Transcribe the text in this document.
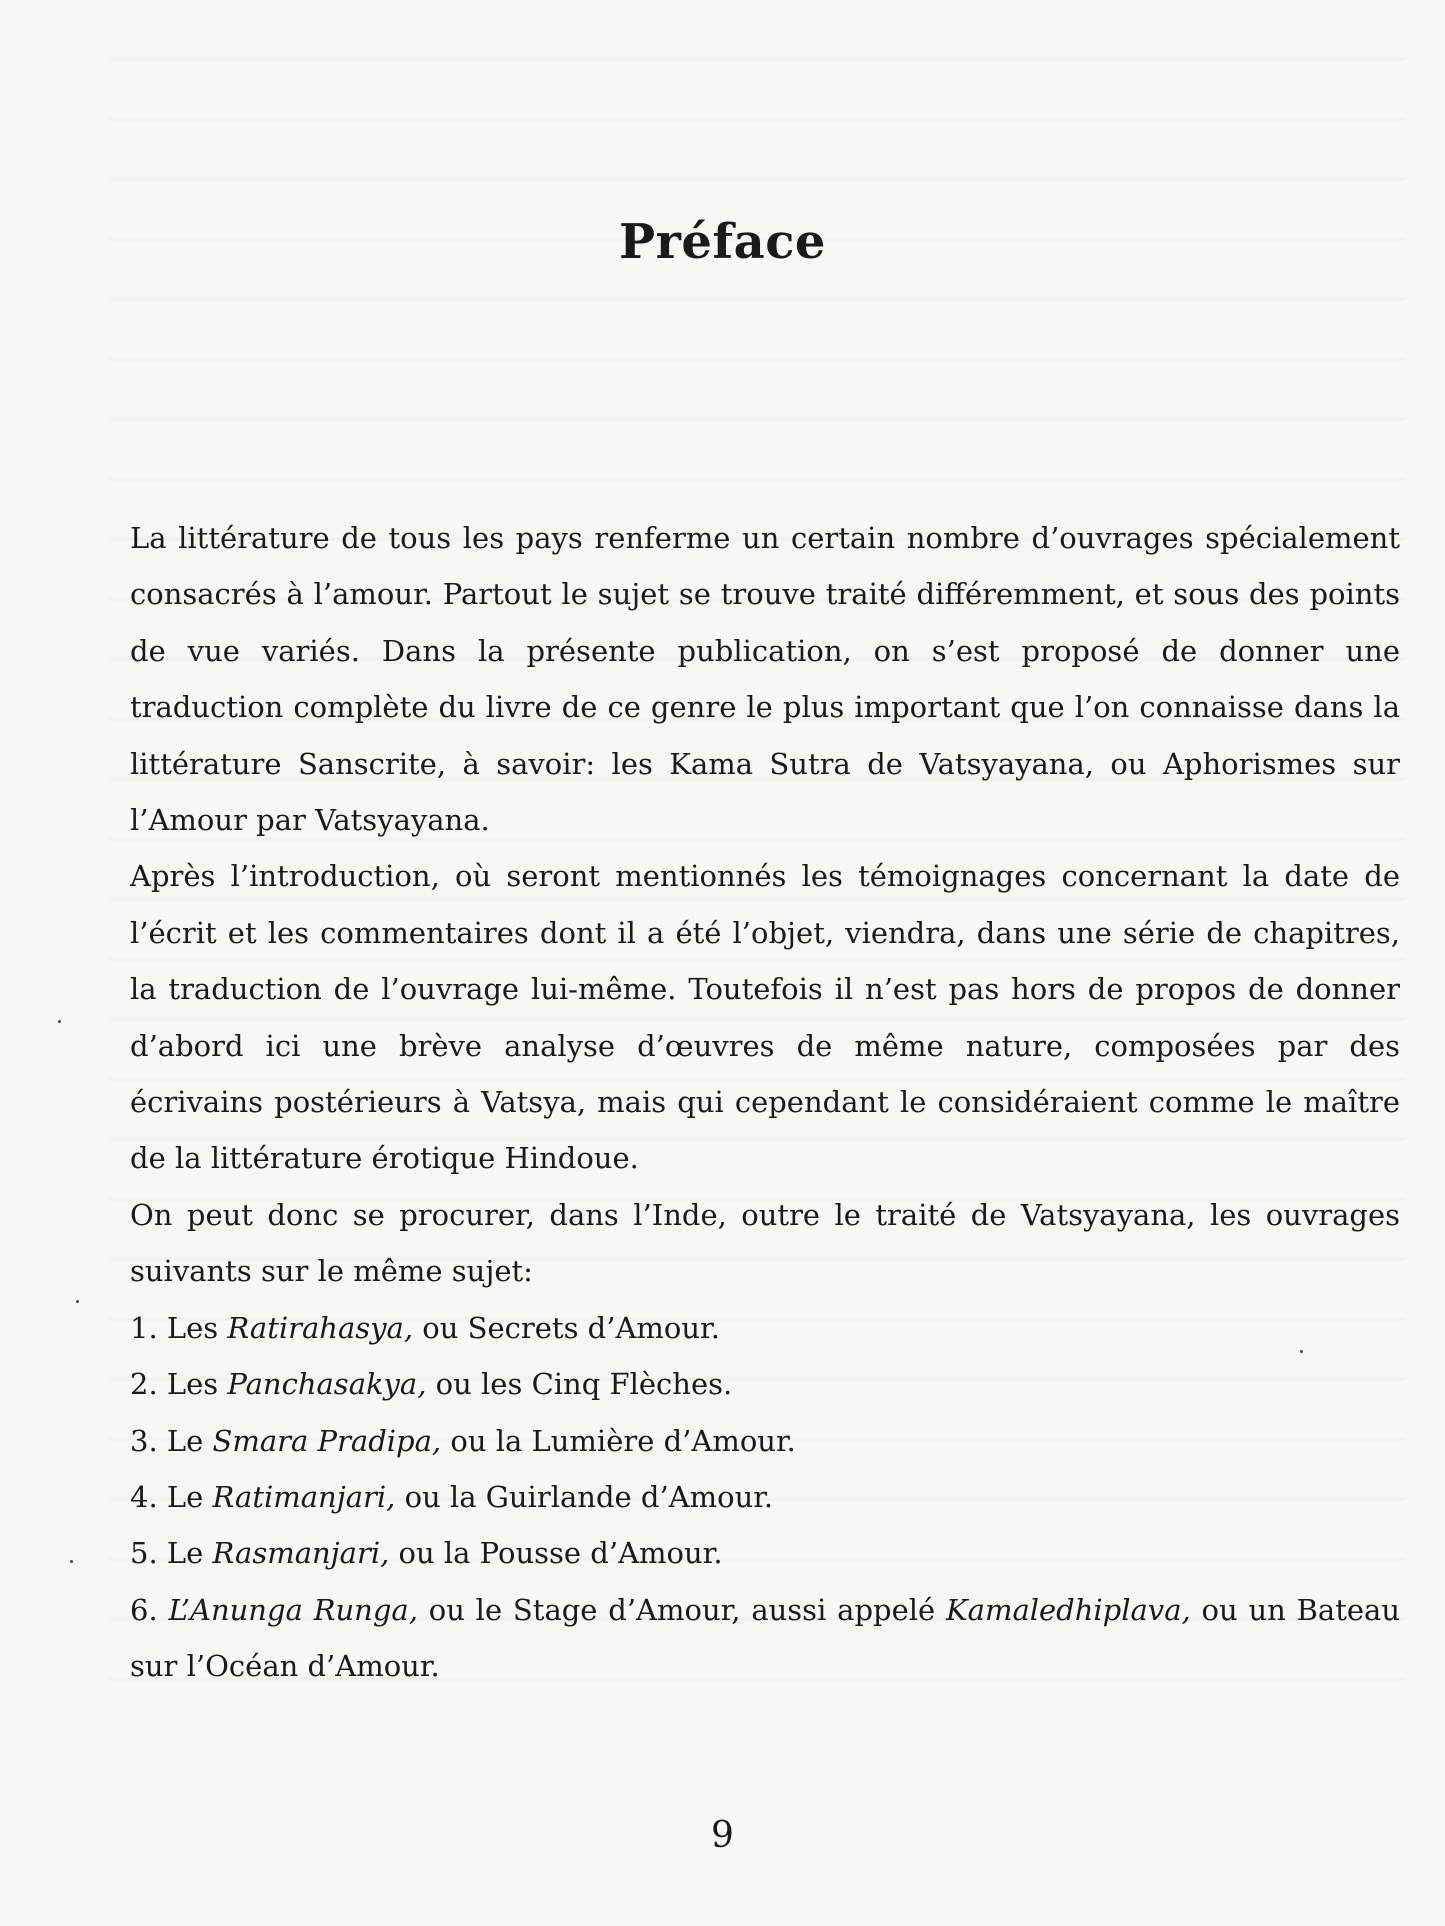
Préface

La littérature de tous les pays renferme un certain nombre d’ouvrages spécialement consacrés à l’amour. Partout le sujet se trouve traité différemment, et sous des points de vue variés. Dans la présente publication, on s’est proposé de donner une traduction complète du livre de ce genre le plus important que l’on connaisse dans la littérature Sanscrite, à savoir: les Kama Sutra de Vatsyayana, ou Aphorismes sur l’Amour par Vatsyayana.

Après l’introduction, où seront mentionnés les témoignages concernant la date de l’écrit et les commentaires dont il a été l’objet, viendra, dans une série de chapitres, la traduction de l’ouvrage lui-même. Toutefois il n’est pas hors de propos de donner d’abord ici une brève analyse d’œuvres de même nature, composées par des écrivains postérieurs à Vatsya, mais qui cependant le considéraient comme le maître de la littérature érotique Hindoue.

On peut donc se procurer, dans l’Inde, outre le traité de Vatsyayana, les ouvrages suivants sur le même sujet:

1. Les Ratirahasya, ou Secrets d’Amour.
2. Les Panchasakya, ou les Cinq Flèches.
3. Le Smara Pradipa, ou la Lumière d’Amour.
4. Le Ratimanjari, ou la Guirlande d’Amour.
5. Le Rasmanjari, ou la Pousse d’Amour.
6. L’Anunga Runga, ou le Stage d’Amour, aussi appelé Kamaledhiplava, ou un Bateau sur l’Océan d’Amour.
9
